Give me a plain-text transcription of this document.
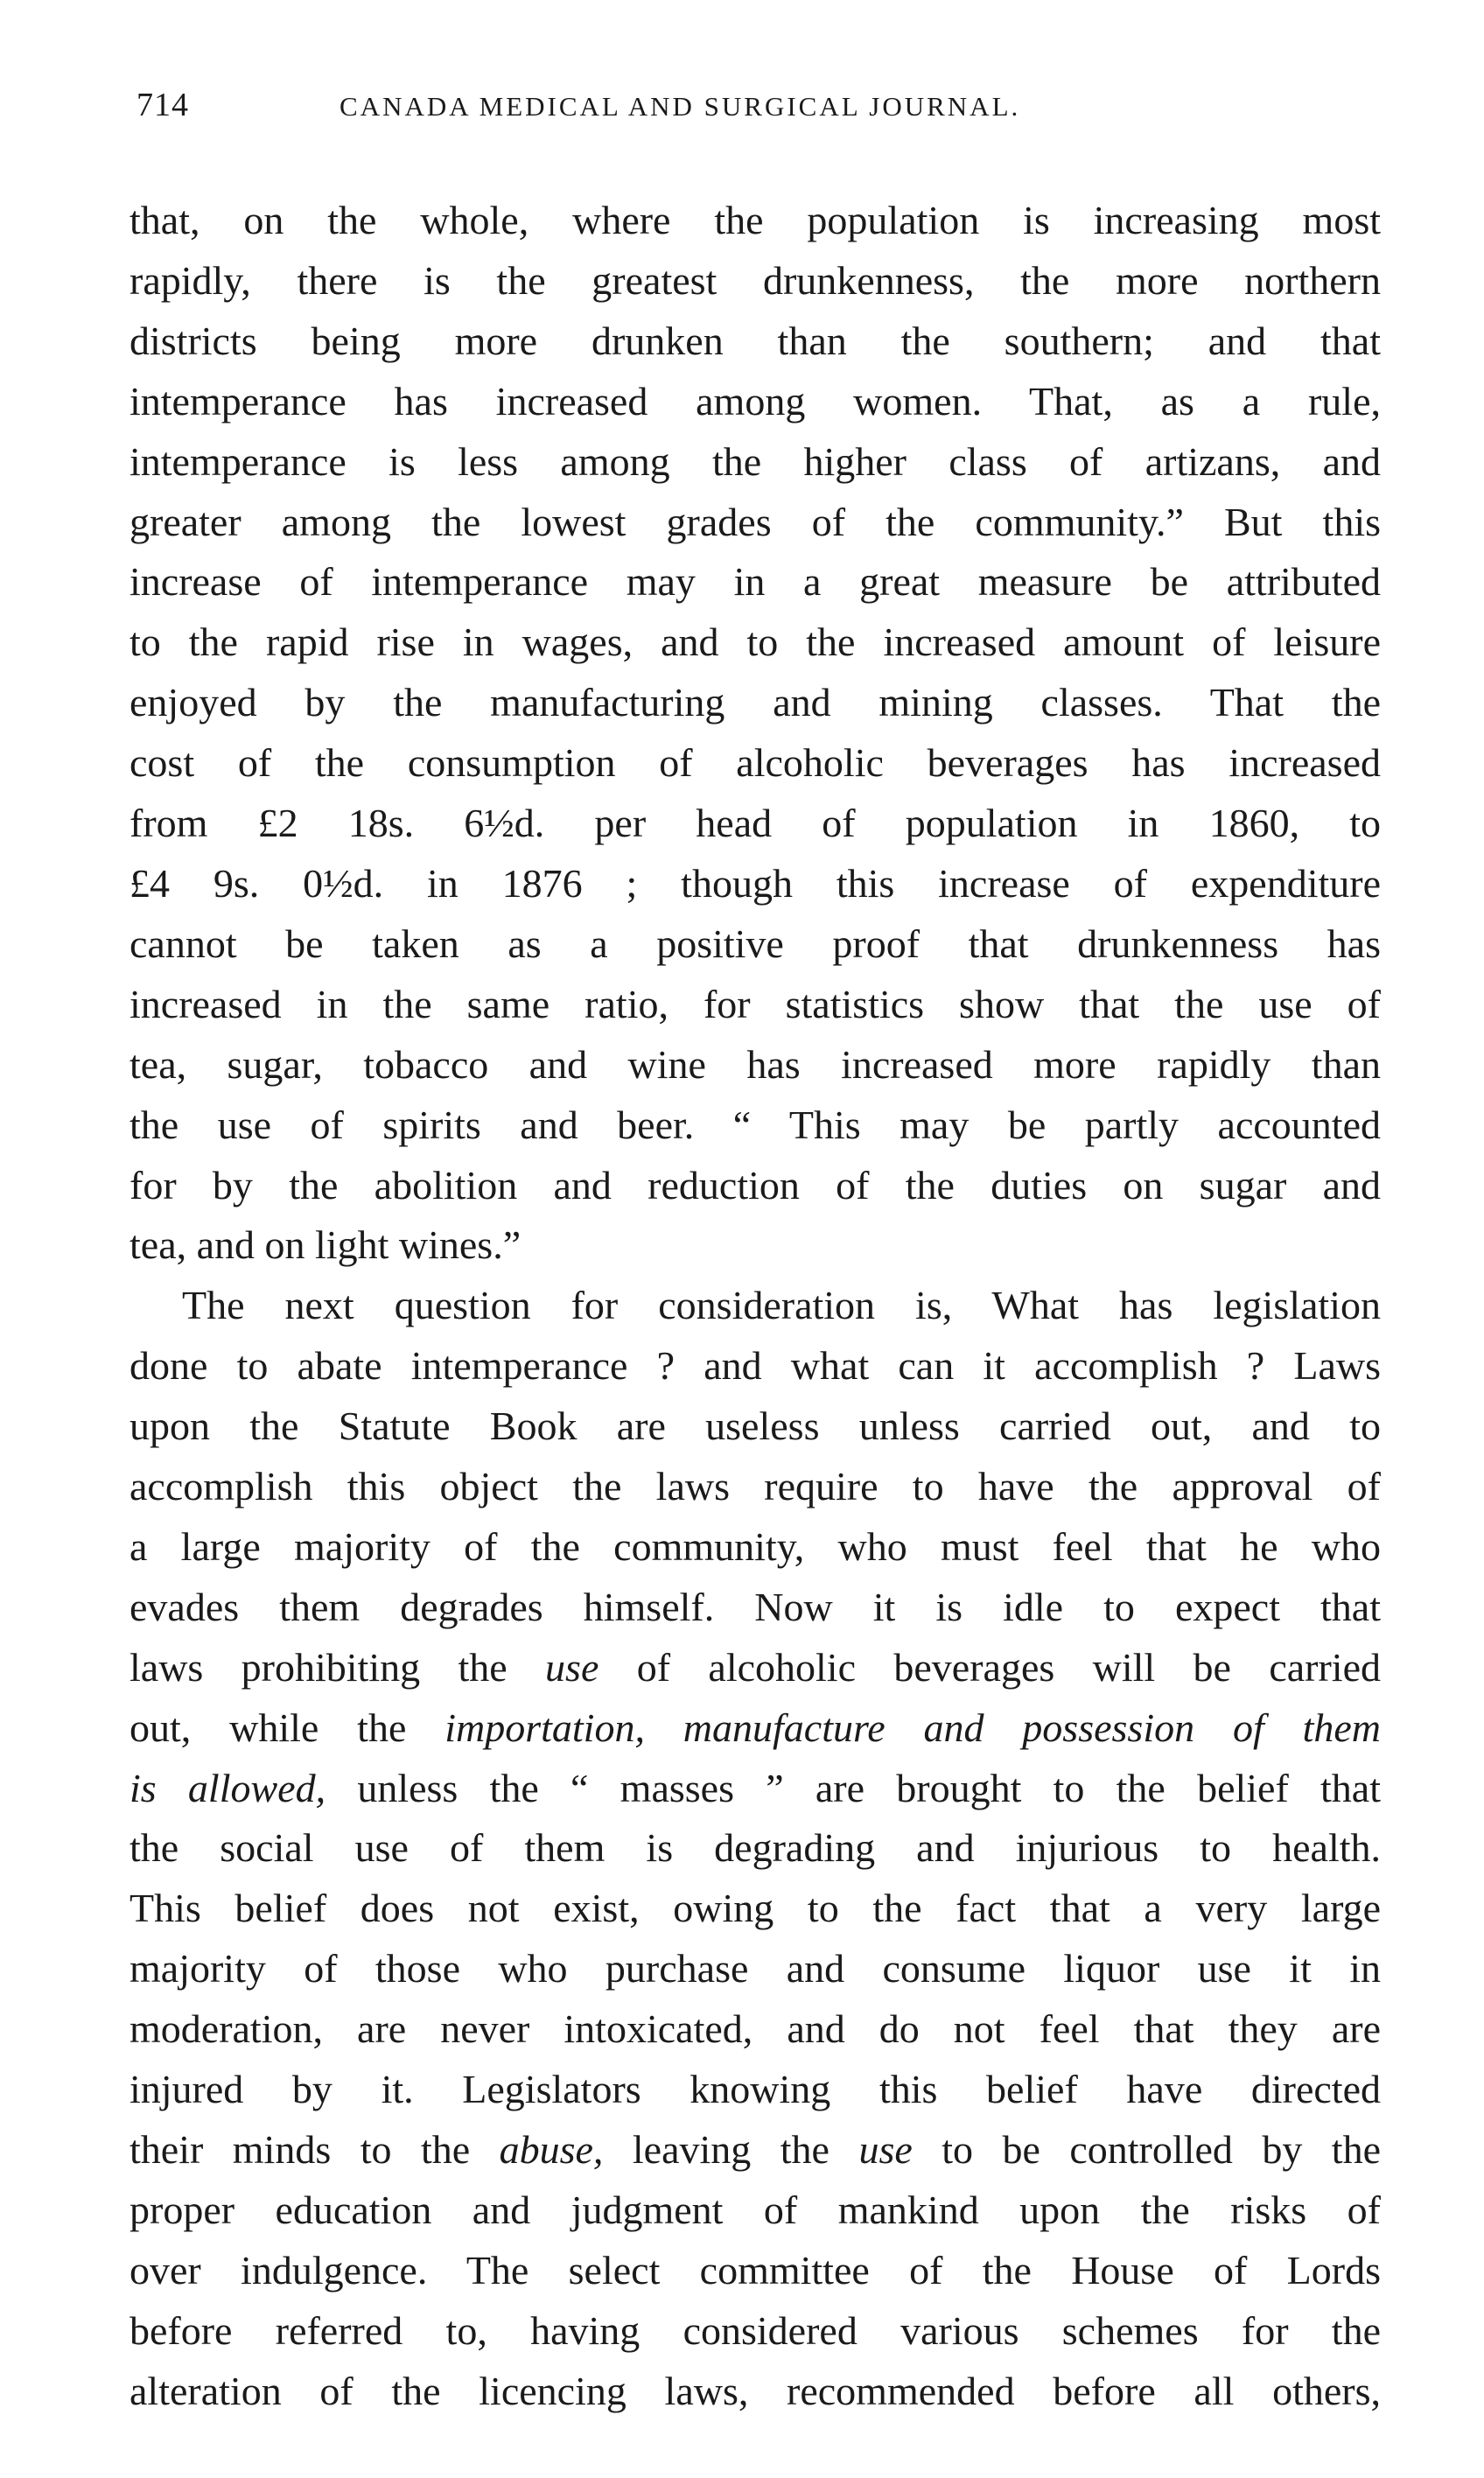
714	CANADA MEDICAL AND SURGICAL JOURNAL.
that, on the whole, where the population is increasing most
rapidly, there is the greatest drunkenness, the more northern
districts being more drunken than the southern; and that
intemperance has increased among women. That, as a rule,
intemperance is less among the higher class of artizans, and
greater among the lowest grades of the community.” But this
increase of intemperance may in a great measure be attributed
to the rapid rise in wages, and to the increased amount of leisure
enjoyed by the manufacturing and mining classes. That the
cost of the consumption of alcoholic beverages has increased
from £2 18s. 6½d. per head of population in 1860, to
£4 9s. 0½d. in 1876 ; though this increase of expenditure
cannot be taken as a positive proof that drunkenness has
increased in the same ratio, for statistics show that the use of
tea, sugar, tobacco and wine has increased more rapidly than
the use of spirits and beer. “ This may be partly accounted
for by the abolition and reduction of the duties on sugar and
tea, and on light wines.”
The next question for consideration is, What has legislation
done to abate intemperance ? and what can it accomplish ? Laws
upon the Statute Book are useless unless carried out, and to
accomplish this object the laws require to have the approval of
a large majority of the community, who must feel that he who
evades them degrades himself. Now it is idle to expect that
laws prohibiting the use of alcoholic beverages will be carried
out, while the importation, manufacture and possession of them
is allowed, unless the “ masses ” are brought to the belief that
the social use of them is degrading and injurious to health.
This belief does not exist, owing to the fact that a very large
majority of those who purchase and consume liquor use it in
moderation, are never intoxicated, and do not feel that they are
injured by it. Legislators knowing this belief have directed
their minds to the abuse, leaving the use to be controlled by the
proper education and judgment of mankind upon the risks of
over indulgence. The select committee of the House of Lords
before referred to, having considered various schemes for the
alteration of the licencing laws, recommended before all others,
